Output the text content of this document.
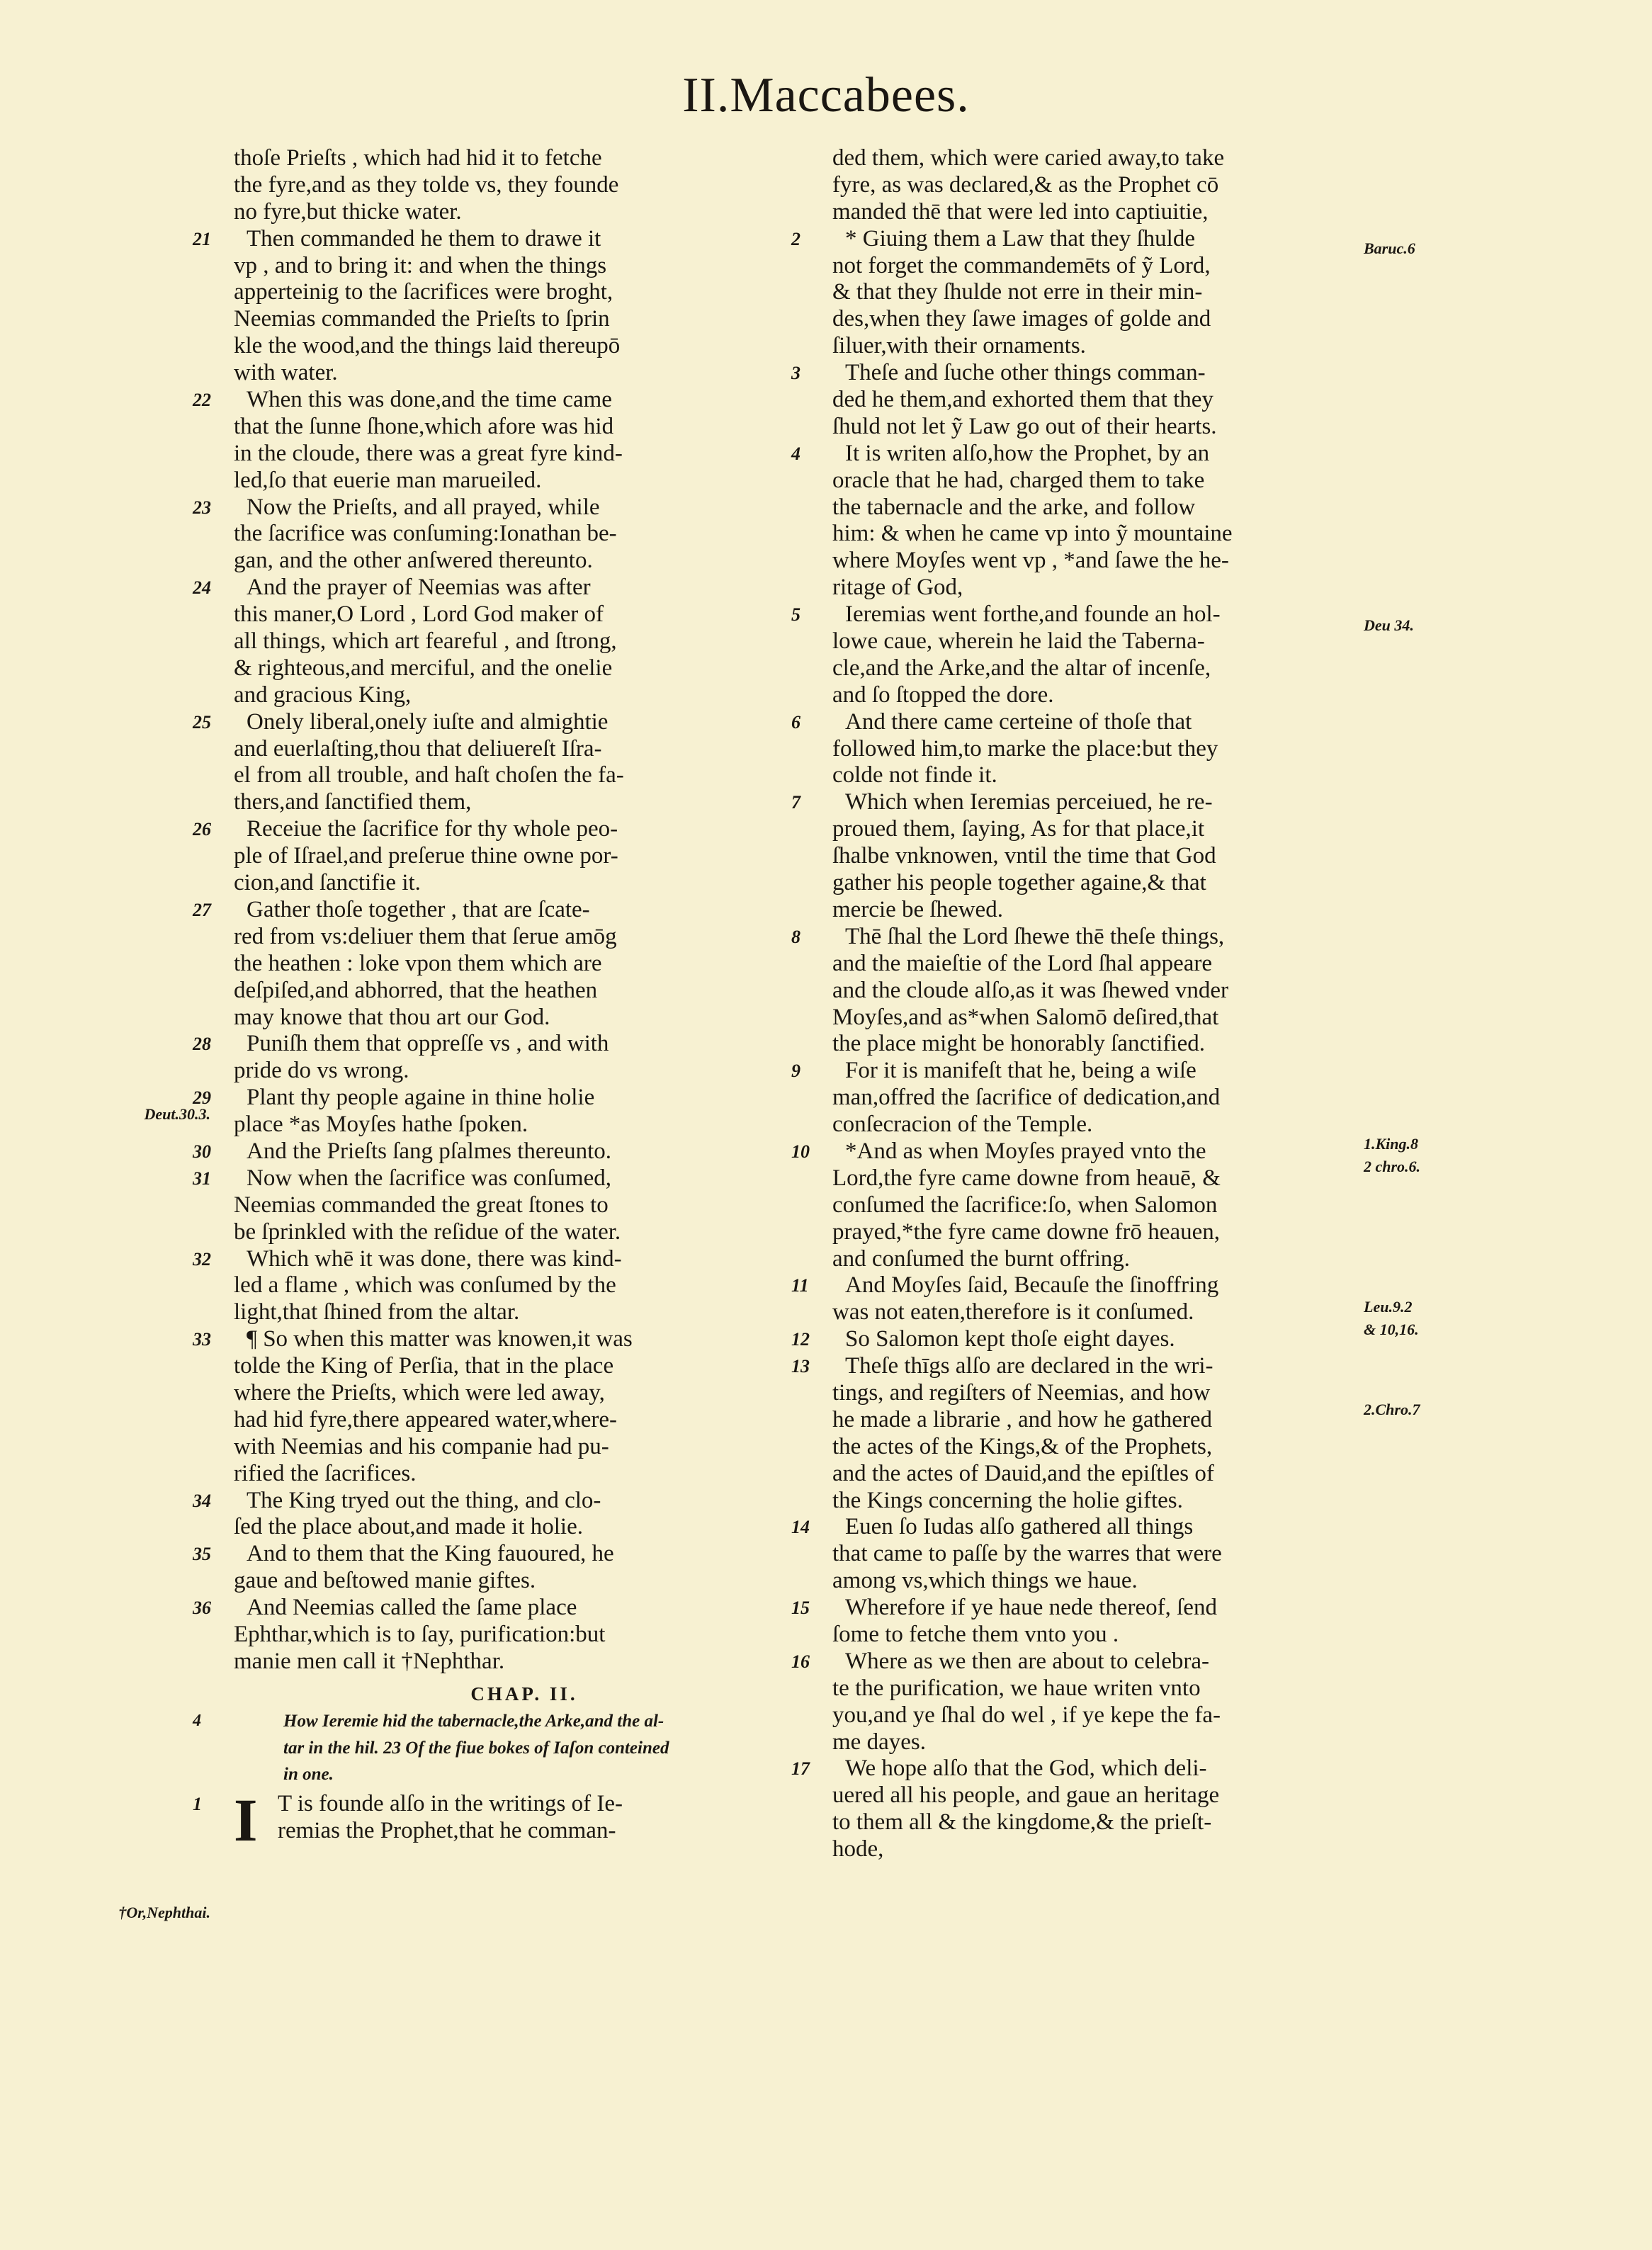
II.Maccabees.
thoſe Prieſts , which had hid it to fetche
the fyre,and as they tolde vs, they founde
no fyre,but thicke water.
21	Then commanded he them to drawe it
vp , and to bring it: and when the things
apperteinig to the ſacrifices were broght,
Neemias commanded the Prieſts to ſprin
kle the wood,and the things laid thereupō
with water.
22	When this was done,and the time came
that the ſunne ſhone,which afore was hid
in the cloude, there was a great fyre kind-
led,ſo that euerie man marueiled.
23	Now the Prieſts, and all prayed, while
the ſacrifice was conſuming:Ionathan be-
gan, and the other anſwered thereunto.
24	And the prayer of Neemias was after
this maner,O Lord , Lord God maker of
all things, which art feareful , and ſtrong,
& righteous,and merciful, and the onelie
and gracious King,
25	Onely liberal,onely iuſte and almightie
and euerlaſting,thou that deliuereſt Iſra-
el from all trouble, and haſt choſen the fa-
thers,and ſanctified them,
26	Receiue the ſacrifice for thy whole peo-
ple of Iſrael,and preſerue thine owne por-
cion,and ſanctifie it.
27	Gather thoſe together , that are ſcate-
red from vs:deliuer them that ſerue amōg
the heathen : loke vpon them which are
deſpiſed,and abhorred, that the heathen
may knowe that thou art our God.
28	Puniſh them that oppreſſe vs , and with
pride do vs wrong.
29	Plant thy people againe in thine holie
place *as Moyſes hathe ſpoken.
30	And the Prieſts ſang pſalmes thereunto.
31	Now when the ſacrifice was conſumed,
Neemias commanded the great ſtones to
be ſprinkled with the reſidue of the water.
32	Which whē it was done, there was kind-
led a flame , which was conſumed by the
light,that ſhined from the altar.
33	¶ So when this matter was knowen,it was
tolde the King of Perſia, that in the place
where the Prieſts, which were led away,
had hid fyre,there appeared water,where-
with Neemias and his companie had pu-
rified the ſacrifices.
34	The King tryed out the thing, and clo-
ſed the place about,and made it holie.
35	And to them that the King fauoured, he
gaue and beſtowed manie giftes.
36	And Neemias called the ſame place
Ephthar,which is to ſay, purification:but
manie men call it †Nephthar.
CHAP. II.
4	How Ieremie hid the tabernacle,the Arke,and the al-
tar in the hil. 23 Of the fiue bokes of Iaſon conteined
in one.
1 I T is founde alſo in the writings of Ie-
remias the Prophet,that he comman-
ded them, which were caried away,to take
fyre, as was declared,& as the Prophet cō
manded thē that were led into captiuitie,
2	* Giuing them a Law that they ſhulde
not forget the commandemēts of ỹ Lord,
& that they ſhulde not erre in their min-
des,when they ſawe images of golde and
ſiluer,with their ornaments.
3	Theſe and ſuche other things comman-
ded he them,and exhorted them that they
ſhuld not let ỹ Law go out of their hearts.
4	It is writen alſo,how the Prophet, by an
oracle that he had, charged them to take
the tabernacle and the arke, and follow
him: & when he came vp into ỹ mountaine
where Moyſes went vp , *and ſawe the he-
ritage of God,
5	Ieremias went forthe,and founde an hol-
lowe caue, wherein he laid the Taberna-
cle,and the Arke,and the altar of incenſe,
and ſo ſtopped the dore.
6	And there came certeine of thoſe that
followed him,to marke the place:but they
colde not finde it.
7	Which when Ieremias perceiued, he re-
proued them, ſaying, As for that place,it
ſhalbe vnknowen, vntil the time that God
gather his people together againe,& that
mercie be ſhewed.
8	Thē ſhal the Lord ſhewe thē theſe things,
and the maieſtie of the Lord ſhal appeare
and the cloude alſo,as it was ſhewed vnder
Moyſes,and as*when Salomō deſired,that
the place might be honorably ſanctified.
9	For it is manifeſt that he, being a wiſe
man,offred the ſacrifice of dedication,and
conſecracion of the Temple.
10	*And as when Moyſes prayed vnto the
Lord,the fyre came downe from heauē, &
conſumed the ſacrifice:ſo, when Salomon
prayed,*the fyre came downe frō heauen,
and conſumed the burnt offring.
11	And Moyſes ſaid, Becauſe the ſinoffring
was not eaten,therefore is it conſumed.
12	So Salomon kept thoſe eight dayes.
13	Theſe thīgs alſo are declared in the wri-
tings, and regiſters of Neemias, and how
he made a librarie , and how he gathered
the actes of the Kings,& of the Prophets,
and the actes of Dauid,and the epiſtles of
the Kings concerning the holie giftes.
14	Euen ſo Iudas alſo gathered all things
that came to paſſe by the warres that were
among vs,which things we haue.
15	Wherefore if ye haue nede thereof, ſend
ſome to fetche them vnto you .
16	Where as we then are about to celebra-
te the purification, we haue writen vnto
you,and ye ſhal do wel , if ye kepe the fa-
me dayes.
17	We hope alſo that the God, which deli-
uered all his people, and gaue an heritage
to them all & the kingdome,& the prieſt-
hode,
Baruc.6
Deu 34.
1.King.8
2 chro.6.
Leu.9.2
& 10,16.
2.Chro.7
Deut.30.3.
†Or,Nephthai.
